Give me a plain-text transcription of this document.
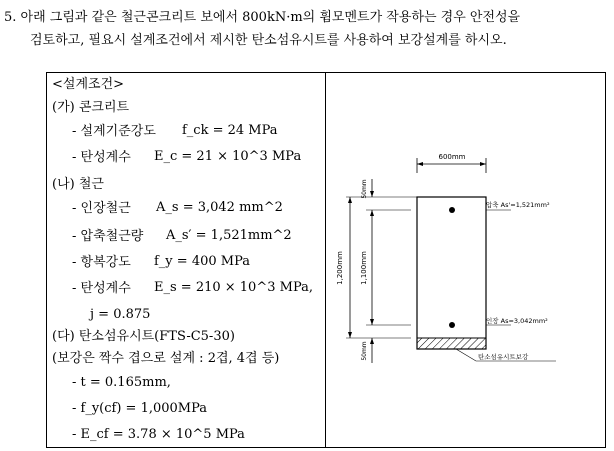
5. 아래 그림과 같은 철근콘크리트 보에서 800kN·m의 휨모멘트가 작용하는 경우 안전성을
검토하고, 필요시 설계조건에서 제시한 탄소섬유시트를 사용하여 보강설계를 하시오.
<설계조건>
(가) 콘크리트
- 설계기준강도 f_ck = 24 MPa
- 탄성계수 E_c = 21 × 10^3 MPa
(나) 철근
- 인장철근 A_s = 3,042 mm^2
- 압축철근량 A_s′ = 1,521mm^2
- 항복강도 f_y = 400 MPa
- 탄성계수 E_s = 210 × 10^3 MPa,
j = 0.875
(다) 탄소섬유시트(FTS-C5-30)
(보강은 짝수 겹으로 설계 : 2겹, 4겹 등)
- t = 0.165mm,
- f_y(cf) = 1,000MPa
- E_cf = 3.78 × 10^5 MPa
600mm
1,200mm 1,100mm
50mm
50mm
압축 As'=1,521mm²
인장 As=3,042mm²
탄소섬유시트보강
